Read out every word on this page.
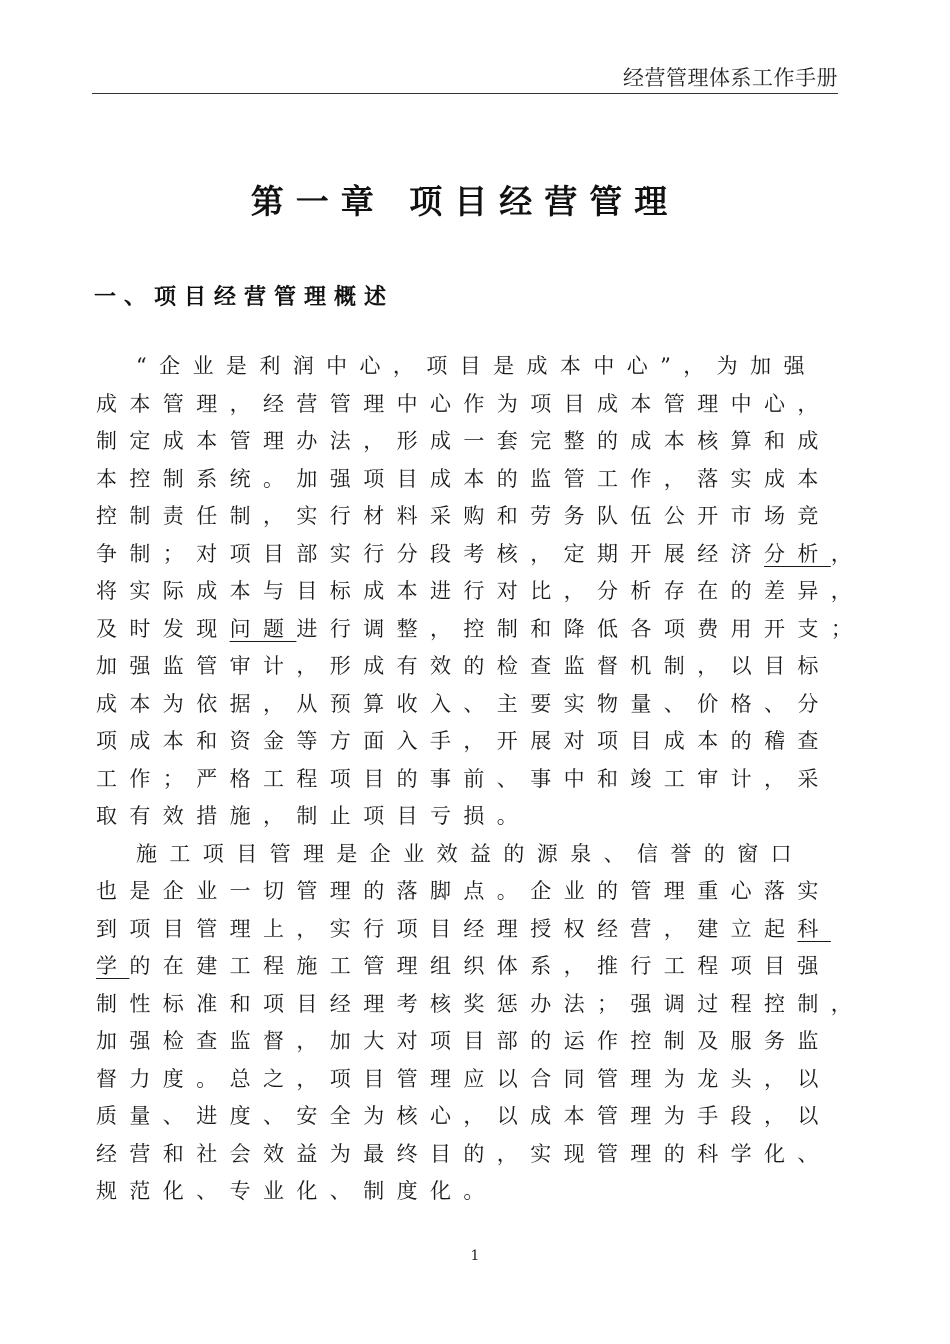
经营管理体系工作手册
第一章 项目经营管理
一、项目经营管理概述
“企业是利润中心，项目是成本中心”，为加强
成本管理，经营管理中心作为项目成本管理中心，
制定成本管理办法，形成一套完整的成本核算和成
本控制系统。加强项目成本的监管工作，落实成本
控制责任制，实行材料采购和劳务队伍公开市场竞
争制；对项目部实行分段考核，定期开展经济分析，
将实际成本与目标成本进行对比，分析存在的差异，
及时发现问题进行调整，控制和降低各项费用开支；
加强监管审计，形成有效的检查监督机制，以目标
成本为依据，从预算收入、主要实物量、价格、分
项成本和资金等方面入手，开展对项目成本的稽查
工作；严格工程项目的事前、事中和竣工审计，采
取有效措施，制止项目亏损。
施工项目管理是企业效益的源泉、信誉的窗口
也是企业一切管理的落脚点。企业的管理重心落实
到项目管理上，实行项目经理授权经营，建立起科
学的在建工程施工管理组织体系，推行工程项目强
制性标准和项目经理考核奖惩办法；强调过程控制，
加强检查监督，加大对项目部的运作控制及服务监
督力度。总之，项目管理应以合同管理为龙头，以
质量、进度、安全为核心，以成本管理为手段，以
经营和社会效益为最终目的，实现管理的科学化、
规范化、专业化、制度化。
1
